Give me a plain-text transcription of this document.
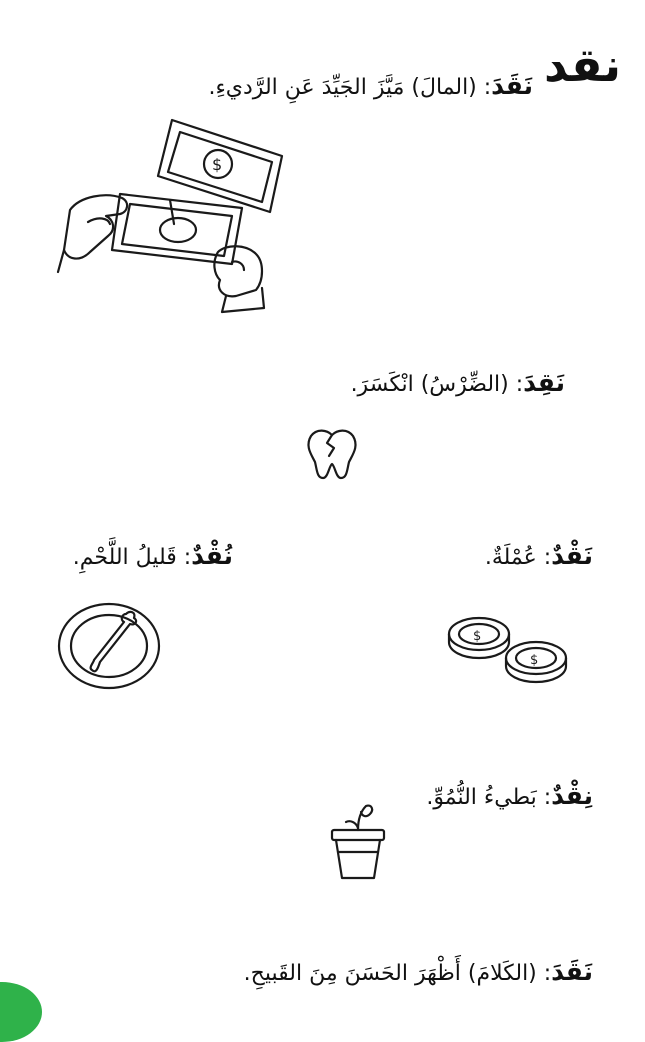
نقد
نَقَدَ: (المالَ) مَيَّزَ الجَيِّدَ عَنِ الرَّديءِ.
$
نَقِدَ: (الضِّرْسُ) انْكَسَرَ.
نَقْدٌ: عُمْلَةٌ.
نُقْدٌ: قَليلُ اللَّحْمِ.
$
$
نِقْدٌ: بَطيءُ النُّمُوِّ.
نَقَدَ: (الكَلامَ) أَظْهَرَ الحَسَنَ مِنَ القَبيحِ.
